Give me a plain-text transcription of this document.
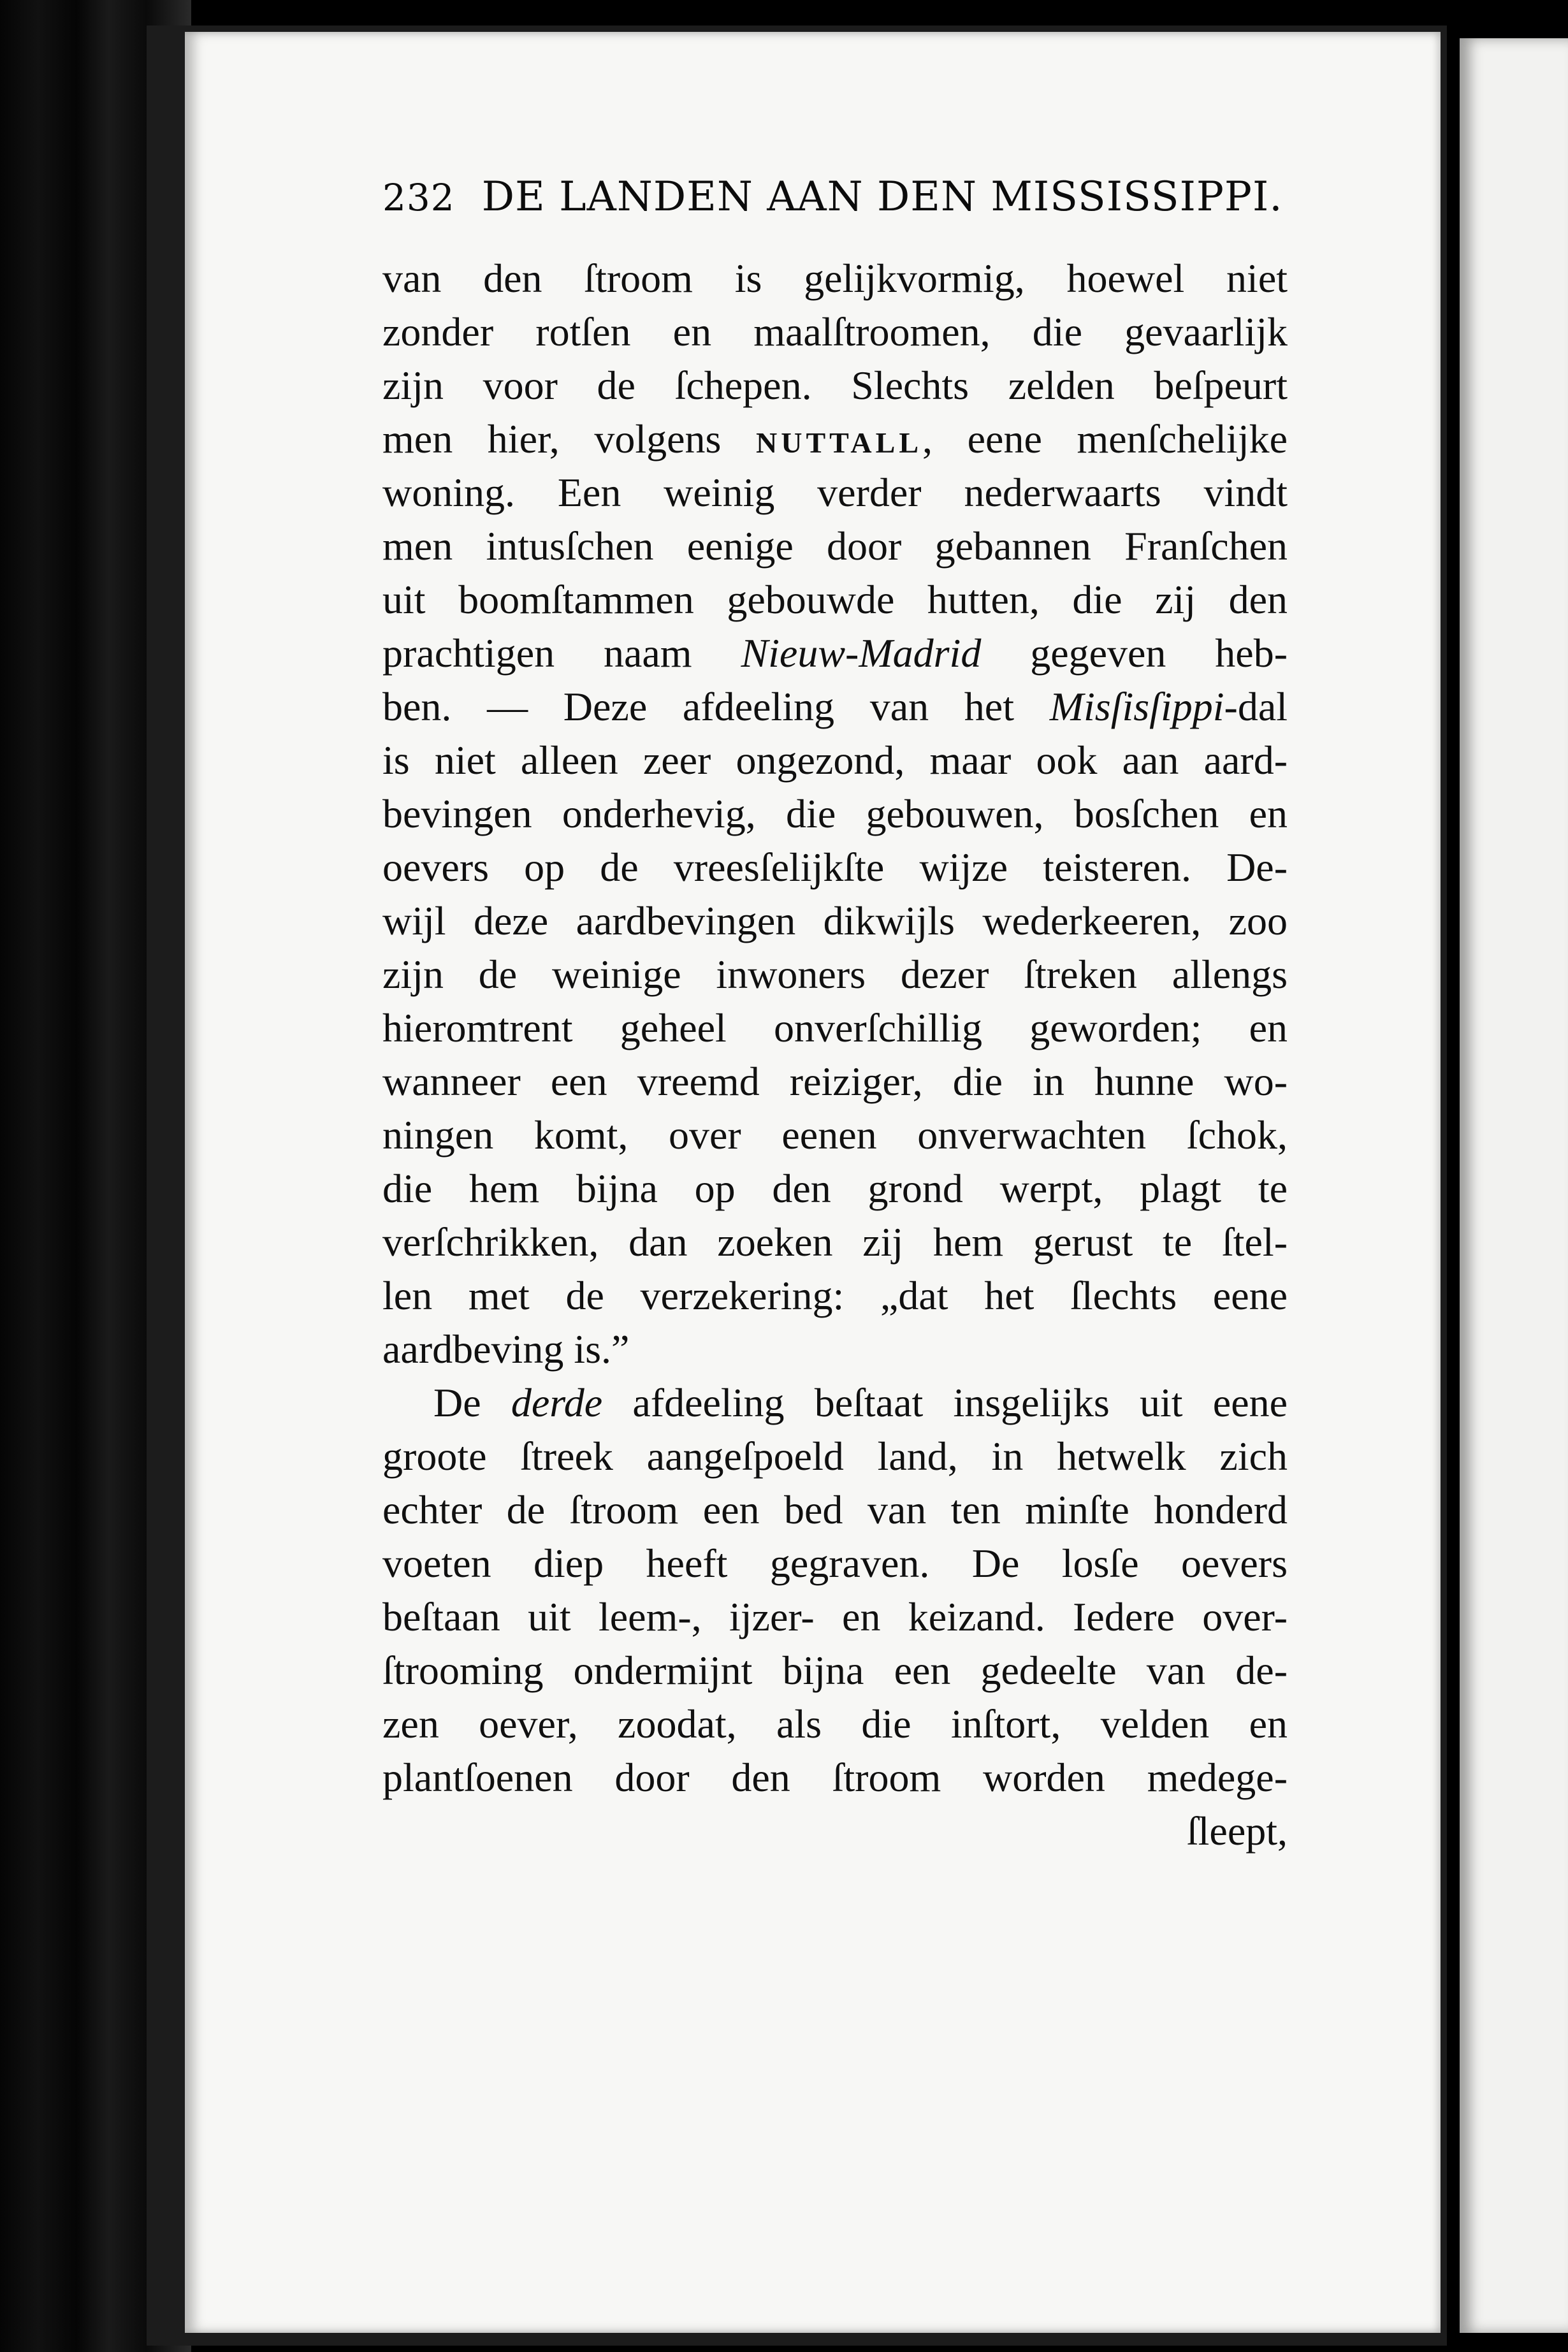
232 DE LANDEN AAN DEN MISSISSIPPI.
van den ſtroom is gelijkvormig, hoewel niet
zonder rotſen en maalſtroomen, die gevaarlijk
zijn voor de ſchepen. Slechts zelden beſpeurt
men hier, volgens NUTTALL, eene menſchelijke
woning. Een weinig verder nederwaarts vindt
men intusſchen eenige door gebannen Franſchen
uit boomſtammen gebouwde hutten, die zij den
prachtigen naam Nieuw-Madrid gegeven heb-
ben. — Deze afdeeling van het Misſisſippi-dal
is niet alleen zeer ongezond, maar ook aan aard-
bevingen onderhevig, die gebouwen, bosſchen en
oevers op de vreesſelijkſte wijze teisteren. De-
wijl deze aardbevingen dikwijls wederkeeren, zoo
zijn de weinige inwoners dezer ſtreken allengs
hieromtrent geheel onverſchillig geworden; en
wanneer een vreemd reiziger, die in hunne wo-
ningen komt, over eenen onverwachten ſchok,
die hem bijna op den grond werpt, plagt te
verſchrikken, dan zoeken zij hem gerust te ſtel-
len met de verzekering: „dat het ſlechts eene
aardbeving is.”
De derde afdeeling beſtaat insgelijks uit eene
groote ſtreek aangeſpoeld land, in hetwelk zich
echter de ſtroom een bed van ten minſte honderd
voeten diep heeft gegraven. De losſe oevers
beſtaan uit leem-, ijzer- en keizand. Iedere over-
ſtrooming ondermijnt bijna een gedeelte van de-
zen oever, zoodat, als die inſtort, velden en
plantſoenen door den ſtroom worden medege-
ſleept,
